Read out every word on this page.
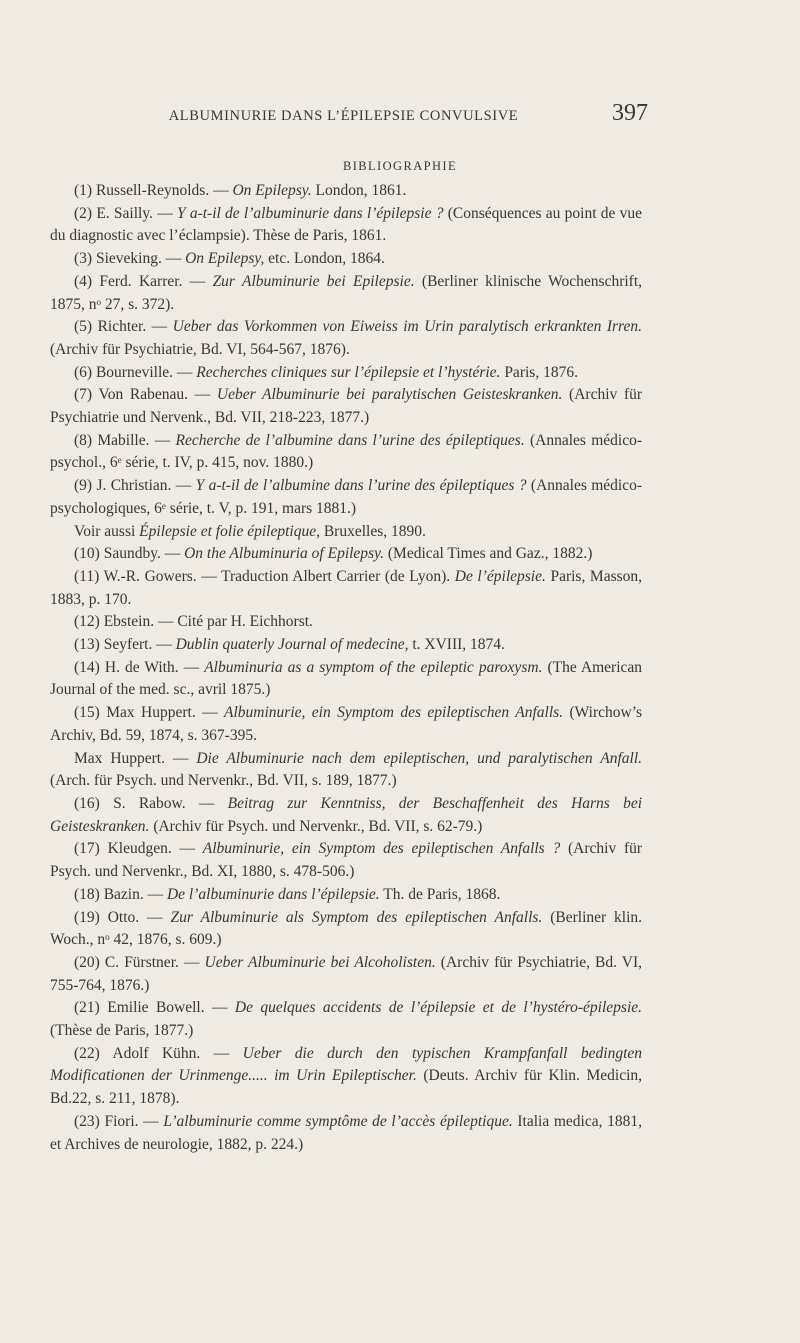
ALBUMINURIE DANS L’ÉPILEPSIE CONVULSIVE	397
BIBLIOGRAPHIE

(1) Russell-Reynolds. — On Epilepsy. London, 1861.

(2) E. Sailly. — Y a-t-il de l’albuminurie dans l’épilepsie ? (Conséquences au point de vue du diagnostic avec l’éclampsie). Thèse de Paris, 1861.

(3) Sieveking. — On Epilepsy, etc. London, 1864.

(4) Ferd. Karrer. — Zur Albuminurie bei Epilepsie. (Berliner klinische Wochenschrift, 1875, nᵒ 27, s. 372).

(5) Richter. — Ueber das Vorkommen von Eiweiss im Urin paralytisch erkrankten Irren. (Archiv für Psychiatrie, Bd. VI, 564-567, 1876).

(6) Bourneville. — Recherches cliniques sur l’épilepsie et l’hystérie. Paris, 1876.

(7) Von Rabenau. — Ueber Albuminurie bei paralytischen Geisteskranken. (Archiv für Psychiatrie und Nervenk., Bd. VII, 218-223, 1877.)

(8) Mabille. — Recherche de l’albumine dans l’urine des épileptiques. (Annales médico-psychol., 6ᵉ série, t. IV, p. 415, nov. 1880.)

(9) J. Christian. — Y a-t-il de l’albumine dans l’urine des épileptiques ? (Annales médico-psychologiques, 6ᵉ série, t. V, p. 191, mars 1881.)

Voir aussi Épilepsie et folie épileptique, Bruxelles, 1890.

(10) Saundby. — On the Albuminuria of Epilepsy. (Medical Times and Gaz., 1882.)

(11) W.-R. Gowers. — Traduction Albert Carrier (de Lyon). De l’épilepsie. Paris, Masson, 1883, p. 170.

(12) Ebstein. — Cité par H. Eichhorst.

(13) Seyfert. — Dublin quaterly Journal of medecine, t. XVIII, 1874.

(14) H. de With. — Albuminuria as a symptom of the epileptic paroxysm. (The American Journal of the med. sc., avril 1875.)

(15) Max Huppert. — Albuminurie, ein Symptom des epileptischen Anfalls. (Wirchow’s Archiv, Bd. 59, 1874, s. 367-395.

Max Huppert. — Die Albuminurie nach dem epileptischen, und paralytischen Anfall. (Arch. für Psych. und Nervenkr., Bd. VII, s. 189, 1877.)

(16) S. Rabow. — Beitrag zur Kenntniss, der Beschaffenheit des Harns bei Geisteskranken. (Archiv für Psych. und Nervenkr., Bd. VII, s. 62-79.)

(17) Kleudgen. — Albuminurie, ein Symptom des epileptischen Anfalls ? (Archiv für Psych. und Nervenkr., Bd. XI, 1880, s. 478-506.)

(18) Bazin. — De l’albuminurie dans l’épilepsie. Th. de Paris, 1868.

(19) Otto. — Zur Albuminurie als Symptom des epileptischen Anfalls. (Berliner klin. Woch., nᵒ 42, 1876, s. 609.)

(20) C. Fürstner. — Ueber Albuminurie bei Alcoholisten. (Archiv für Psychiatrie, Bd. VI, 755-764, 1876.)

(21) Emilie Bowell. — De quelques accidents de l’épilepsie et de l’hystéro-épilepsie. (Thèse de Paris, 1877.)

(22) Adolf Kühn. — Ueber die durch den typischen Krampfanfall bedingten Modificationen der Urinmenge..... im Urin Epileptischer. (Deuts. Archiv für Klin. Medicin, Bd.22, s. 211, 1878).

(23) Fiori. — L’albuminurie comme symptôme de l’accès épileptique. Italia medica, 1881, et Archives de neurologie, 1882, p. 224.)
